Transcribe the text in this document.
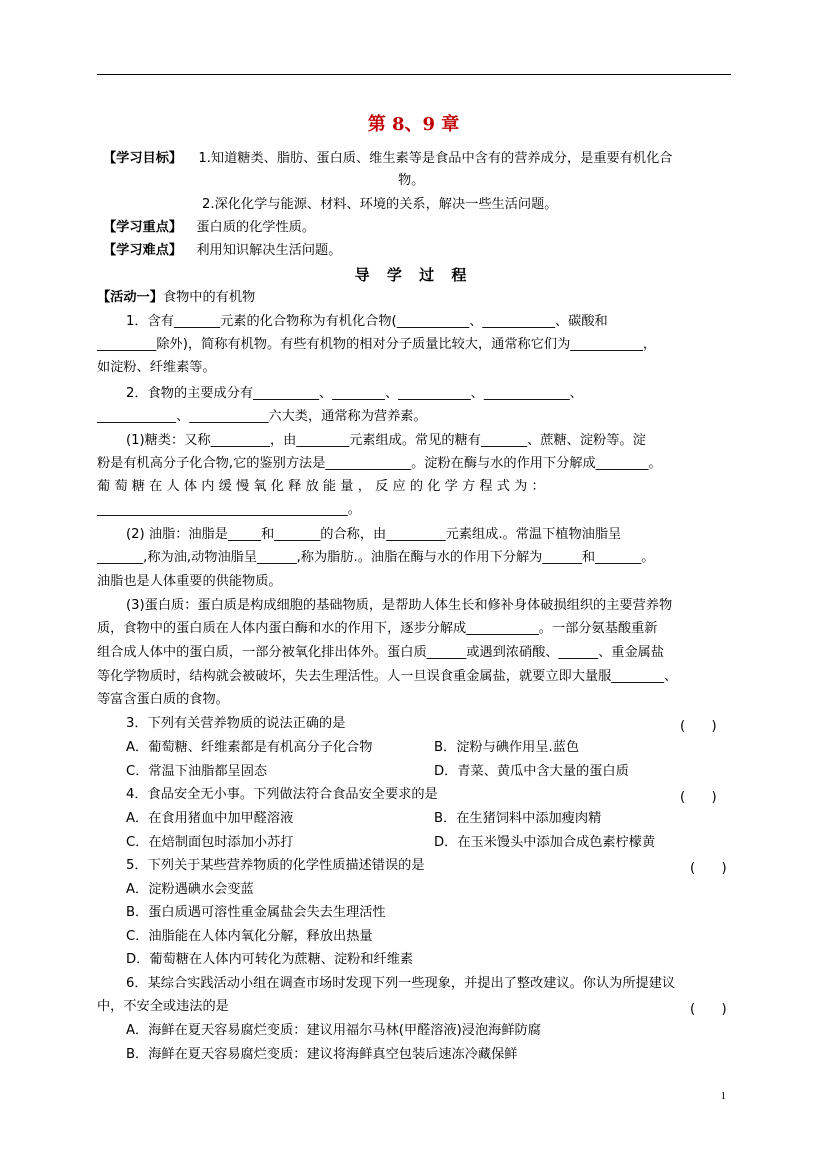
第 8、9 章
【学习目标】 1.知道糖类、脂肪、蛋白质、维生素等是食品中含有的营养成分，是重要有机化合
物。
2.深化化学与能源、材料、环境的关系，解决一些生活问题。
【学习重点】 蛋白质的化学性质。
【学习难点】 利用知识解决生活问题。
导 学 过 程
【活动一】食物中的有机物
1．含有_______元素的化合物称为有机化合物(___________、___________、碳酸和
_________除外)，简称有机物。有些有机物的相对分子质量比较大，通常称它们为___________，
如淀粉、纤维素等。
2．食物的主要成分有__________、________、___________、_____________、
____________、____________六大类，通常称为营养素。
(1)糖类：又称_________，由________元素组成。常见的糖有_______、蔗糖、淀粉等。淀
粉是有机高分子化合物,它的鉴别方法是_____________。淀粉在酶与水的作用下分解成________。
葡 萄 糖 在 人 体 内 缓 慢 氧 化 释 放 能 量 ， 反 应 的 化 学 方 程 式 为 ：
______________________________________。
(2) 油脂：油脂是_____和_______的合称，由_________元素组成.。常温下植物油脂呈
_______,称为油,动物油脂呈______,称为脂肪.。油脂在酶与水的作用下分解为______和_______。
油脂也是人体重要的供能物质。
(3)蛋白质：蛋白质是构成细胞的基础物质，是帮助人体生长和修补身体破损组织的主要营养物
质，食物中的蛋白质在人体内蛋白酶和水的作用下，逐步分解成___________。一部分氨基酸重新
组合成人体中的蛋白质，一部分被氧化排出体外。蛋白质______或遇到浓硝酸、______、重金属盐
等化学物质时，结构就会被破坏，失去生理活性。人一旦误食重金属盐，就要立即大量服________、
等富含蛋白质的食物。
3．下列有关营养物质的说法正确的是	(　　)
A．葡萄糖、纤维素都是有机高分子化合物	B．淀粉与碘作用呈.蓝色
C．常温下油脂都呈固态	D．青菜、黄瓜中含大量的蛋白质
4．食品安全无小事。下列做法符合食品安全要求的是	(　　)
A．在食用猪血中加甲醛溶液	B．在生猪饲料中添加瘦肉精
C．在焙制面包时添加小苏打	D．在玉米馒头中添加合成色素柠檬黄
5．下列关于某些营养物质的化学性质描述错误的是	(　　)
A．淀粉遇碘水会变蓝
B．蛋白质遇可溶性重金属盐会失去生理活性
C．油脂能在人体内氧化分解，释放出热量
D．葡萄糖在人体内可转化为蔗糖、淀粉和纤维素
6．某综合实践活动小组在调查市场时发现下列一些现象，并提出了整改建议。你认为所提建议
中，不安全或违法的是	(　　)
A．海鲜在夏天容易腐烂变质：建议用福尔马林(甲醛溶液)浸泡海鲜防腐
B．海鲜在夏天容易腐烂变质：建议将海鲜真空包装后速冻冷藏保鲜
1
